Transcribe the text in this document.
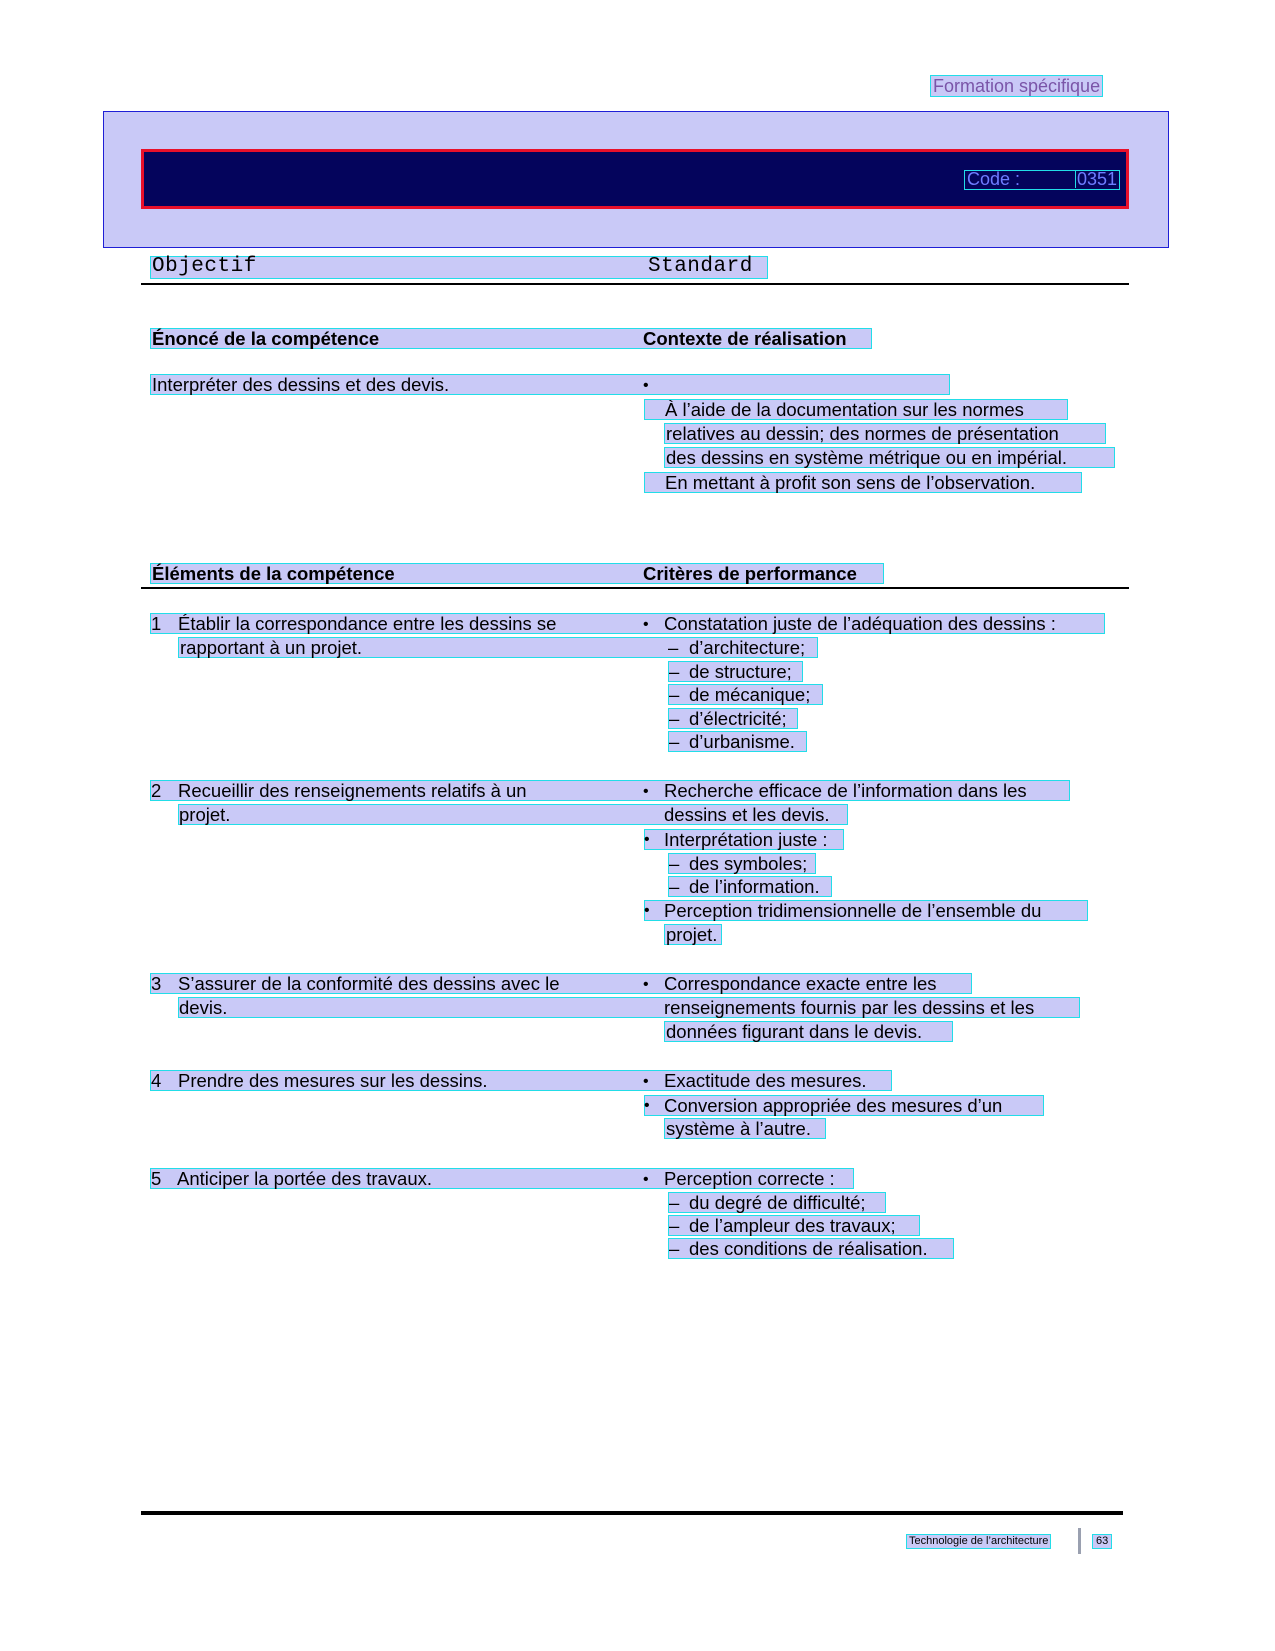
Formation spécifique
Code :	0351
Objectif	Standard
Énoncé de la compétence	Contexte de réalisation
Interpréter des dessins et des devis.	•
À l’aide de la documentation sur les normes
relatives au dessin; des normes de présentation
des dessins en système métrique ou en impérial.
En mettant à profit son sens de l’observation.
Éléments de la compétence	Critères de performance
1 Établir la correspondance entre les dessins se	• Constatation juste de l’adéquation des dessins :
rapportant à un projet.	– d’architecture;
– de structure;
– de mécanique;
– d’électricité;
– d’urbanisme.
2 Recueillir des renseignements relatifs à un	• Recherche efficace de l’information dans les
projet.	dessins et les devis.
• Interprétation juste :
– des symboles;
– de l’information.
• Perception tridimensionnelle de l’ensemble du
projet.
3 S’assurer de la conformité des dessins avec le	• Correspondance exacte entre les
devis.	renseignements fournis par les dessins et les
données figurant dans le devis.
4 Prendre des mesures sur les dessins.	• Exactitude des mesures.
• Conversion appropriée des mesures d’un
système à l’autre.
5 Anticiper la portée des travaux.	• Perception correcte :
– du degré de difficulté;
– de l’ampleur des travaux;
– des conditions de réalisation.
Technologie de l’architecture	63
